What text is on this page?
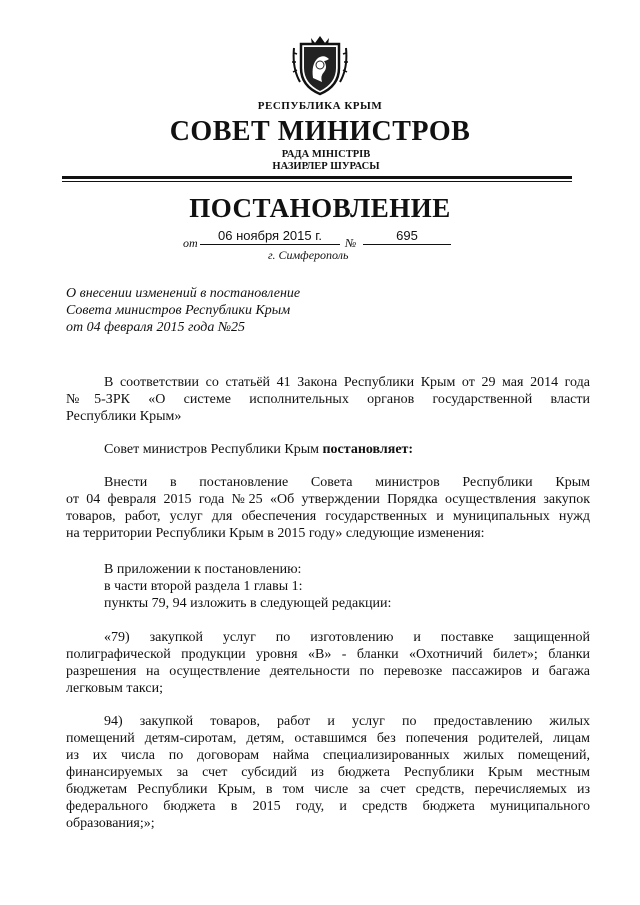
РЕСПУБЛИКА КРЫМ
СОВЕТ МИНИСТРОВ
РАДА МІНІСТРІВ
НАЗИРЛЕР ШУРАСЫ
ПОСТАНОВЛЕНИЕ
от	06 ноября 2015 г.	№	695
г. Симферополь
О внесении изменений в постановление
Совета министров Республики Крым
от 04 февраля 2015 года №25
В соответствии со статьёй 41 Закона Республики Крым от 29 мая 2014 года
№5-ЗРК «О системе исполнительных органов государственной власти
Республики Крым»
Совет министров Республики Крым постановляет:
Внести в постановление Совета министров Республики Крым
от 04 февраля 2015 года №25 «Об утверждении Порядка осуществления закупок
товаров, работ, услуг для обеспечения государственных и муниципальных нужд
на территории Республики Крым в 2015 году» следующие изменения:
В приложении к постановлению:
в части второй раздела 1 главы 1:
пункты 79, 94 изложить в следующей редакции:
«79) закупкой услуг по изготовлению и поставке защищенной
полиграфической продукции уровня «В» - бланки «Охотничий билет»; бланки
разрешения на осуществление деятельности по перевозке пассажиров и багажа
легковым такси;
94) закупкой товаров, работ и услуг по предоставлению жилых
помещений детям-сиротам, детям, оставшимся без попечения родителей, лицам
из их числа по договорам найма специализированных жилых помещений,
финансируемых за счет субсидий из бюджета Республики Крым местным
бюджетам Республики Крым, в том числе за счет средств, перечисляемых из
федерального бюджета в 2015 году, и средств бюджета муниципального
образования;»;
